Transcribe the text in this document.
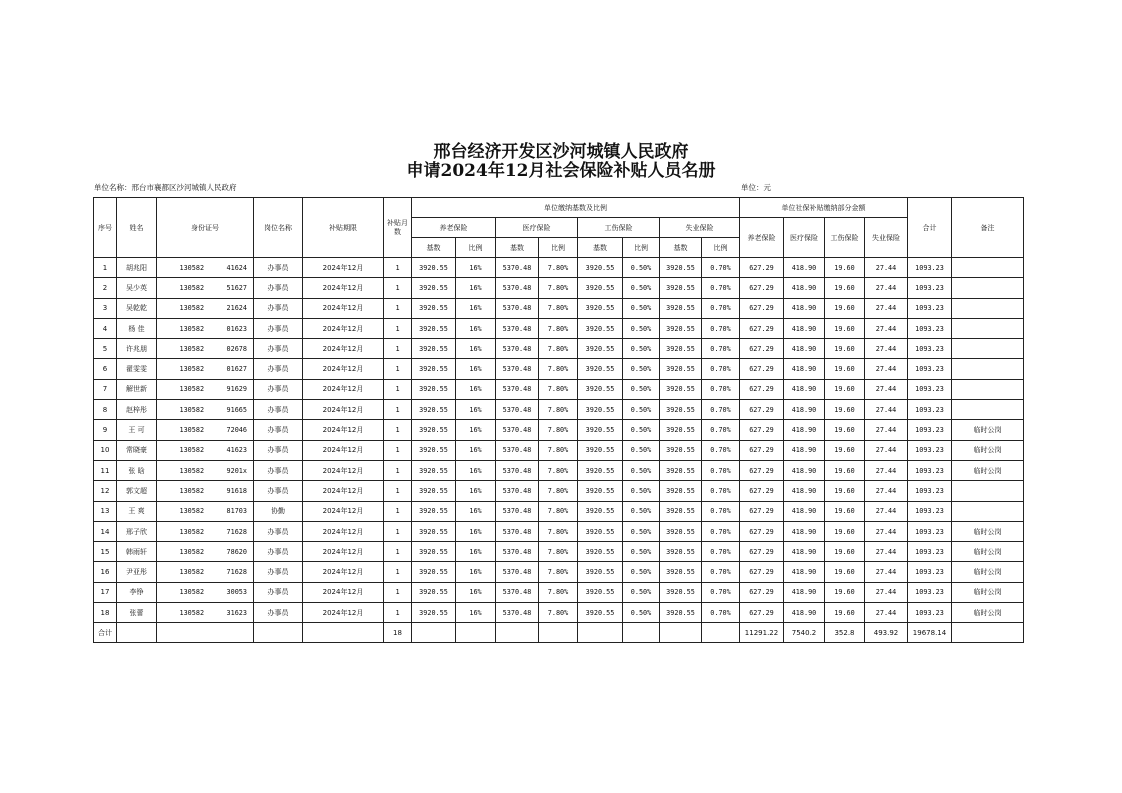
邢台经济开发区沙河城镇人民政府
申请2024年12月社会保险补贴人员名册
单位名称：邢台市襄都区沙河城镇人民政府	单位：元
序号	姓名	身份证号	岗位名称	补贴期限	补贴月数	单位缴纳基数及比例								单位社保补贴缴纳部分金额				合计	备注
						养老保险		医疗保险		工伤保险		失业保险		养老保险	医疗保险	工伤保险	失业保险		
						基数	比例	基数	比例	基数	比例	基数	比例						
1	胡兆阳	130582 41624	办事员	2024年12月	1	3920.55	16%	5370.48	7.80%	3920.55	0.50%	3920.55	0.70%	627.29	418.90	19.60	27.44	1093.23	
2	吴少英	130582 51627	办事员	2024年12月	1	3920.55	16%	5370.48	7.80%	3920.55	0.50%	3920.55	0.70%	627.29	418.90	19.60	27.44	1093.23	
3	吴乾乾	130582 21624	办事员	2024年12月	1	3920.55	16%	5370.48	7.80%	3920.55	0.50%	3920.55	0.70%	627.29	418.90	19.60	27.44	1093.23	
4	杨 佳	130582 01623	办事员	2024年12月	1	3920.55	16%	5370.48	7.80%	3920.55	0.50%	3920.55	0.70%	627.29	418.90	19.60	27.44	1093.23	
5	许兆朋	130582 02678	办事员	2024年12月	1	3920.55	16%	5370.48	7.80%	3920.55	0.50%	3920.55	0.70%	627.29	418.90	19.60	27.44	1093.23	
6	翟雯雯	130582 01627	办事员	2024年12月	1	3920.55	16%	5370.48	7.80%	3920.55	0.50%	3920.55	0.70%	627.29	418.90	19.60	27.44	1093.23	
7	解世新	130582 91629	办事员	2024年12月	1	3920.55	16%	5370.48	7.80%	3920.55	0.50%	3920.55	0.70%	627.29	418.90	19.60	27.44	1093.23	
8	赵梓彤	130582 91665	办事员	2024年12月	1	3920.55	16%	5370.48	7.80%	3920.55	0.50%	3920.55	0.70%	627.29	418.90	19.60	27.44	1093.23	
9	王 可	130582 72046	办事员	2024年12月	1	3920.55	16%	5370.48	7.80%	3920.55	0.50%	3920.55	0.70%	627.29	418.90	19.60	27.44	1093.23	临时公岗
10	常晓豪	130582 41623	办事员	2024年12月	1	3920.55	16%	5370.48	7.80%	3920.55	0.50%	3920.55	0.70%	627.29	418.90	19.60	27.44	1093.23	临时公岗
11	张 晗	130582 9201x	办事员	2024年12月	1	3920.55	16%	5370.48	7.80%	3920.55	0.50%	3920.55	0.70%	627.29	418.90	19.60	27.44	1093.23	临时公岗
12	郭文超	130582 91618	办事员	2024年12月	1	3920.55	16%	5370.48	7.80%	3920.55	0.50%	3920.55	0.70%	627.29	418.90	19.60	27.44	1093.23	
13	王 爽	130582 81703	协勤	2024年12月	1	3920.55	16%	5370.48	7.80%	3920.55	0.50%	3920.55	0.70%	627.29	418.90	19.60	27.44	1093.23	
14	邢子欣	130582 71628	办事员	2024年12月	1	3920.55	16%	5370.48	7.80%	3920.55	0.50%	3920.55	0.70%	627.29	418.90	19.60	27.44	1093.23	临时公岗
15	韩雨轩	130582 78620	办事员	2024年12月	1	3920.55	16%	5370.48	7.80%	3920.55	0.50%	3920.55	0.70%	627.29	418.90	19.60	27.44	1093.23	临时公岗
16	尹亚彤	130582 71628	办事员	2024年12月	1	3920.55	16%	5370.48	7.80%	3920.55	0.50%	3920.55	0.70%	627.29	418.90	19.60	27.44	1093.23	临时公岗
17	李铮	130582 30053	办事员	2024年12月	1	3920.55	16%	5370.48	7.80%	3920.55	0.50%	3920.55	0.70%	627.29	418.90	19.60	27.44	1093.23	临时公岗
18	张蕾	130582 31623	办事员	2024年12月	1	3920.55	16%	5370.48	7.80%	3920.55	0.50%	3920.55	0.70%	627.29	418.90	19.60	27.44	1093.23	临时公岗
合计					18									11291.22	7540.2	352.8	493.92	19678.14	
